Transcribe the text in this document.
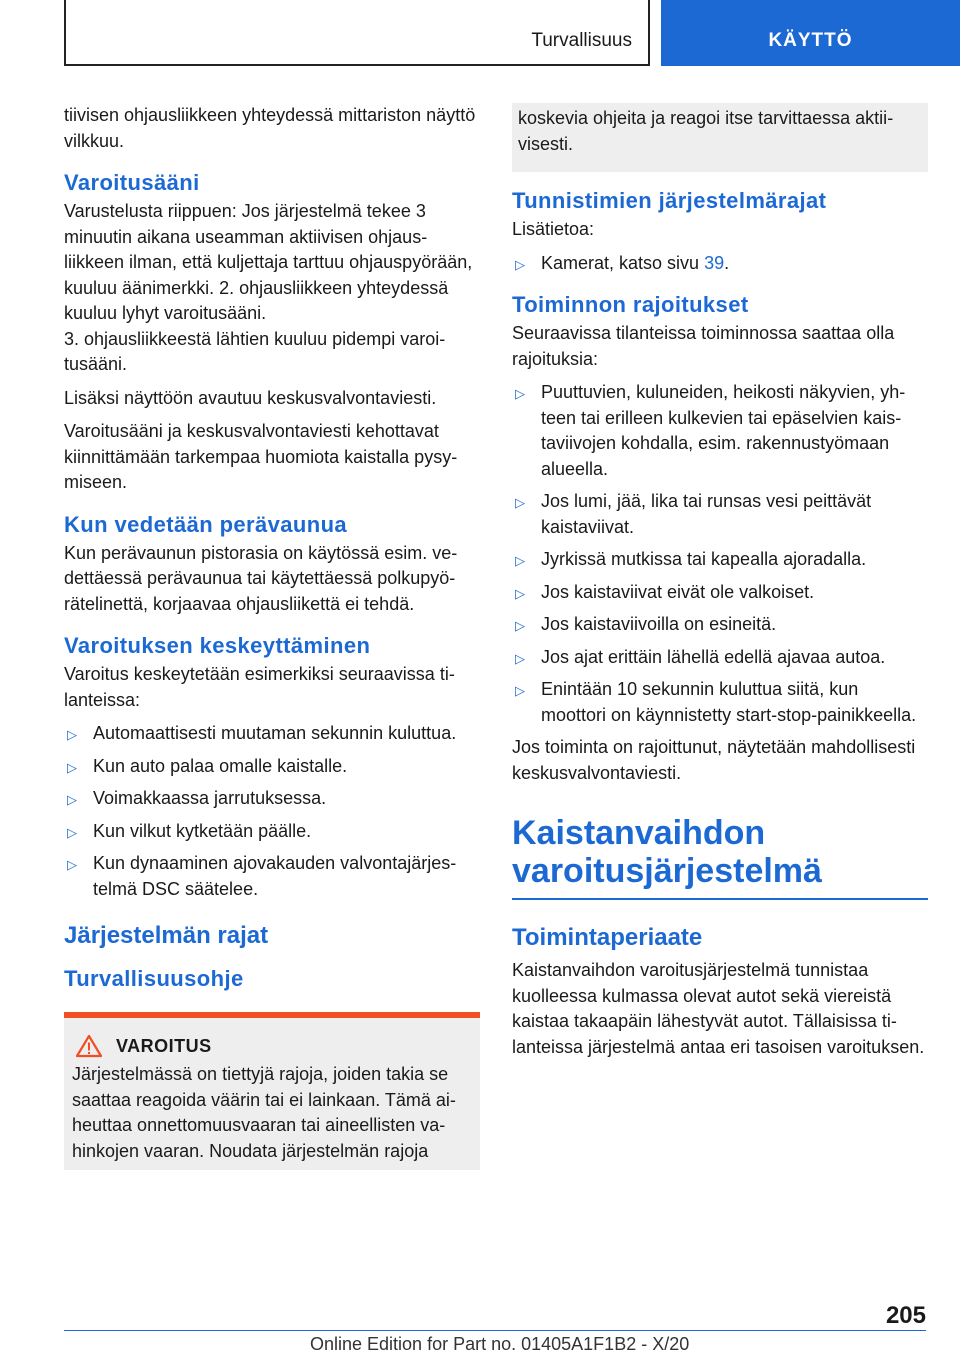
Turvallisuus	KÄYTTÖ

tiivisen ohjausliikkeen yhteydessä mittariston näyttö vilkkuu.

Varoitusääni

Varustelusta riippuen: Jos järjestelmä tekee 3 minuutin aikana useamman aktiivisen ohjausliikkeen ilman, että kuljettaja tarttuu ohjauspyörään, kuuluu äänimerkki. 2. ohjausliikkeen yhteydessä kuuluu lyhyt varoitusääni.

3. ohjausliikkeestä lähtien kuuluu pidempi varoitusääni.

Lisäksi näyttöön avautuu keskusvalvontaviesti.

Varoitusääni ja keskusvalvontaviesti kehottavat kiinnittämään tarkempaa huomiota kaistalla pysymiseen.

Kun vedetään perävaunua

Kun perävaunun pistorasia on käytössä esim. vedettäessä perävaunua tai käytettäessä polkupyörätelinettä, korjaavaa ohjausliikettä ei tehdä.

Varoituksen keskeyttäminen

Varoitus keskeytetään esimerkiksi seuraavissa tilanteissa:

▷ Automaattisesti muutaman sekunnin kuluttua.
▷ Kun auto palaa omalle kaistalle.
▷ Voimakkaassa jarrutuksessa.
▷ Kun vilkut kytketään päälle.
▷ Kun dynaaminen ajovakauden valvontajärjestelmä DSC säätelee.
Järjestelmän rajat
Turvallisuusohje
VAROITUS

Järjestelmässä on tiettyjä rajoja, joiden takia se saattaa reagoida väärin tai ei lainkaan. Tämä aiheuttaa onnettomuusvaaran tai aineellisten vahinkojen vaaran. Noudata järjestelmän rajoja

koskevia ohjeita ja reagoi itse tarvittaessa aktiivisesti.

Tunnistimien järjestelmärajat

Lisätietoa:

▷ Kamerat, katso sivu 39.
Toiminnon rajoitukset

Seuraavissa tilanteissa toiminnossa saattaa olla rajoituksia:

▷ Puuttuvien, kuluneiden, heikosti näkyvien, yhteen tai erilleen kulkevien tai epäselvien kaistaviivojen kohdalla, esim. rakennustyömaan alueella.
▷ Jos lumi, jää, lika tai runsas vesi peittävät kaistaviivat.
▷ Jyrkissä mutkissa tai kapealla ajoradalla.
▷ Jos kaistaviivat eivät ole valkoiset.
▷ Jos kaistaviivoilla on esineitä.
▷ Jos ajat erittäin lähellä edellä ajavaa autoa.
▷ Enintään 10 sekunnin kuluttua siitä, kun moottori on käynnistetty start-stop-painikkeella.

Jos toiminta on rajoittunut, näytetään mahdollisesti keskusvalvontaviesti.

Kaistanvaihdon varoitusjärjestelmä
Toimintaperiaate

Kaistanvaihdon varoitusjärjestelmä tunnistaa kuolleessa kulmassa olevat autot sekä viereistä kaistaa takaapäin lähestyvät autot. Tällaisissa tilanteissa järjestelmä antaa eri tasoisen varoituksen.

205
Online Edition for Part no. 01405A1F1B2 - X/20
